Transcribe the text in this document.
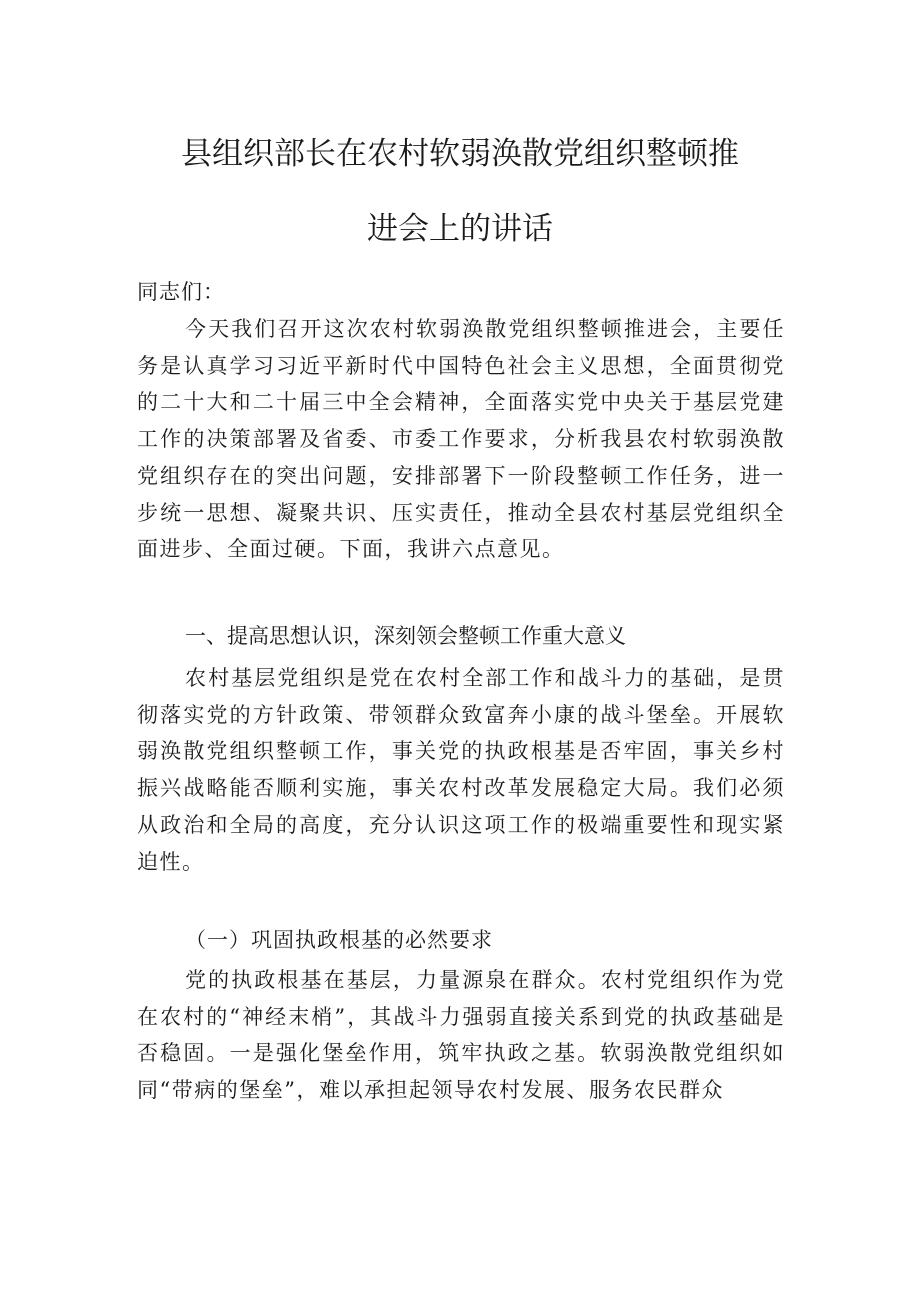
县组织部长在农村软弱涣散党组织整顿推
进会上的讲话

同志们：

今天我们召开这次农村软弱涣散党组织整顿推进会，主要任务是认真学习习近平新时代中国特色社会主义思想，全面贯彻党的二十大和二十届三中全会精神，全面落实党中央关于基层党建工作的决策部署及省委、市委工作要求，分析我县农村软弱涣散党组织存在的突出问题，安排部署下一阶段整顿工作任务，进一步统一思想、凝聚共识、压实责任，推动全县农村基层党组织全面进步、全面过硬。下面，我讲六点意见。

一、提高思想认识，深刻领会整顿工作重大意义

农村基层党组织是党在农村全部工作和战斗力的基础，是贯彻落实党的方针政策、带领群众致富奔小康的战斗堡垒。开展软弱涣散党组织整顿工作，事关党的执政根基是否牢固，事关乡村振兴战略能否顺利实施，事关农村改革发展稳定大局。我们必须从政治和全局的高度，充分认识这项工作的极端重要性和现实紧迫性。

（一）巩固执政根基的必然要求

党的执政根基在基层，力量源泉在群众。农村党组织作为党在农村的“神经末梢”，其战斗力强弱直接关系到党的执政基础是否稳固。一是强化堡垒作用，筑牢执政之基。软弱涣散党组织如同“带病的堡垒”，难以承担起领导农村发展、服务农民群众
